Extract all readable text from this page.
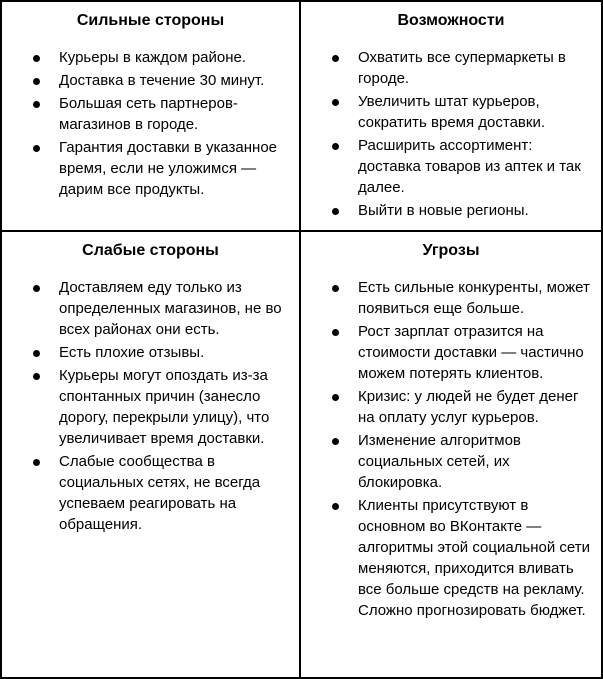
Сильные стороны
Курьеры в каждом районе.
Доставка в течение 30 минут.
Большая сеть партнеров-магазинов в городе.
Гарантия доставки в указанное время, если не уложимся — дарим все продукты.
Возможности
Охватить все супермаркеты в городе.
Увеличить штат курьеров, сократить время доставки.
Расширить ассортимент: доставка товаров из аптек и так далее.
Выйти в новые регионы.
Слабые стороны
Доставляем еду только из определенных магазинов, не во всех районах они есть.
Есть плохие отзывы.
Курьеры могут опоздать из-за спонтанных причин (занесло дорогу, перекрыли улицу), что увеличивает время доставки.
Слабые сообщества в социальных сетях, не всегда успеваем реагировать на обращения.
Угрозы
Есть сильные конкуренты, может появиться еще больше.
Рост зарплат отразится на стоимости доставки — частично можем потерять клиентов.
Кризис: у людей не будет денег на оплату услуг курьеров.
Изменение алгоритмов социальных сетей, их блокировка.
Клиенты присутствуют в основном во ВКонтакте — алгоритмы этой социальной сети меняются, приходится вливать все больше средств на рекламу. Сложно прогнозировать бюджет.
